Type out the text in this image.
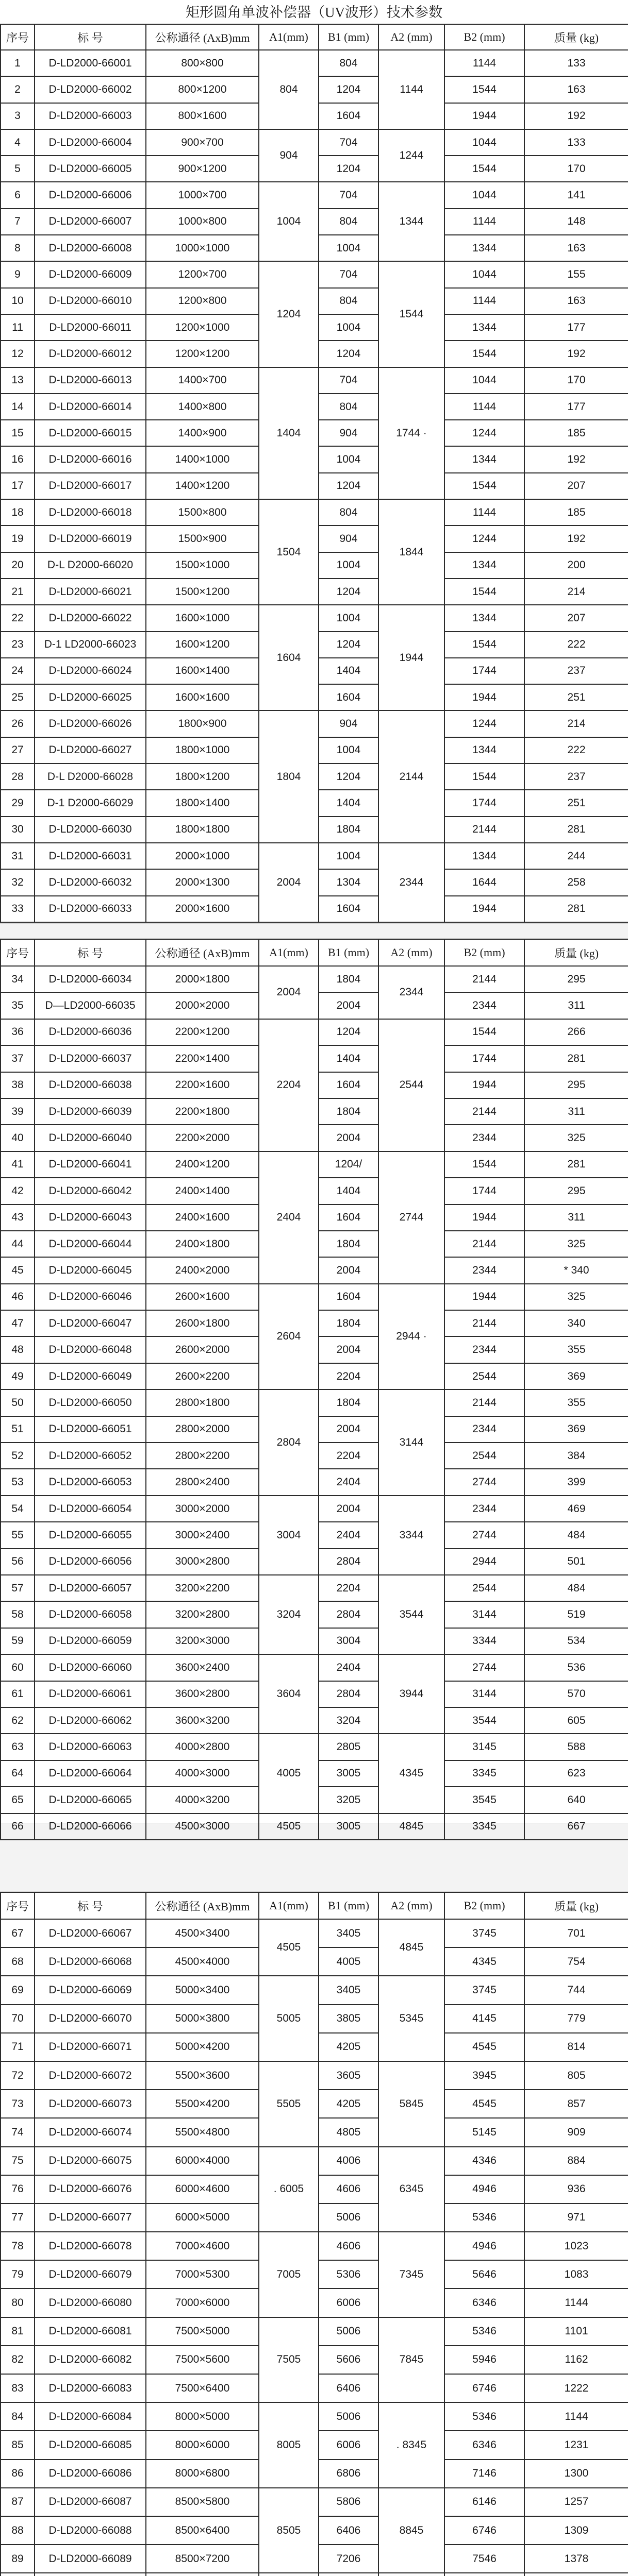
矩形圆角单波补偿器（UV波形）技术参数
序号	标 号	公称通径 (AxB)mm	A1(mm)	B1 (mm)	A2 (mm)	B2 (mm)	质量 (kg)
1	D-LD2000-66001	800×800	804	804	1144	1144	133
2	D-LD2000-66002	800×1200		1204		1544	163
3	D-LD2000-66003	800×1600		1604		1944	192
4	D-LD2000-66004	900×700	904	704	1244	1044	133
5	D-LD2000-66005	900×1200		1204		1544	170
6	D-LD2000-66006	1000×700	1004	704	1344	1044	141
7	D-LD2000-66007	1000×800		804		1144	148
8	D-LD2000-66008	1000×1000		1004		1344	163
9	D-LD2000-66009	1200×700	1204	704	1544	1044	155
10	D-LD2000-66010	1200×800		804		1144	163
11	D-LD2000-66011	1200×1000		1004		1344	177
12	D-LD2000-66012	1200×1200		1204		1544	192
13	D-LD2000-66013	1400×700	1404	704	1744 ·	1044	170
14	D-LD2000-66014	1400×800		804		1144	177
15	D-LD2000-66015	1400×900		904		1244	185
16	D-LD2000-66016	1400×1000		1004		1344	192
17	D-LD2000-66017	1400×1200		1204		1544	207
18	D-LD2000-66018	1500×800	1504	804	1844	1144	185
19	D-LD2000-66019	1500×900		904		1244	192
20	D-L D2000-66020	1500×1000		1004		1344	200
21	D-LD2000-66021	1500×1200		1204		1544	214
22	D-LD2000-66022	1600×1000	1604	1004	1944	1344	207
23	D-1 LD2000-66023	1600×1200		1204		1544	222
24	D-LD2000-66024	1600×1400		1404		1744	237
25	D-LD2000-66025	1600×1600		1604		1944	251
26	D-LD2000-66026	1800×900	1804	904	2144	1244	214
27	D-LD2000-66027	1800×1000		1004		1344	222
28	D-L D2000-66028	1800×1200		1204		1544	237
29	D-1 D2000-66029	1800×1400		1404		1744	251
30	D-LD2000-66030	1800×1800		1804		2144	281
31	D-LD2000-66031	2000×1000	2004	1004	2344	1344	244
32	D-LD2000-66032	2000×1300		1304		1644	258
33	D-LD2000-66033	2000×1600		1604		1944	281
序号	标 号	公称通径 (AxB)mm	A1(mm)	B1 (mm)	A2 (mm)	B2 (mm)	质量 (kg)
34	D-LD2000-66034	2000×1800	2004	1804	2344	2144	295
35	D—LD2000-66035	2000×2000		2004		2344	311
36	D-LD2000-66036	2200×1200	2204	1204	2544	1544	266
37	D-LD2000-66037	2200×1400		1404		1744	281
38	D-LD2000-66038	2200×1600		1604		1944	295
39	D-LD2000-66039	2200×1800		1804		2144	311
40	D-LD2000-66040	2200×2000		2004		2344	325
41	D-LD2000-66041	2400×1200	2404	1204/	2744	1544	281
42	D-LD2000-66042	2400×1400		1404		1744	295
43	D-LD2000-66043	2400×1600		1604		1944	311
44	D-LD2000-66044	2400×1800		1804		2144	325
45	D-LD2000-66045	2400×2000		2004		2344	* 340
46	D-LD2000-66046	2600×1600	2604	1604	2944 ·	1944	325
47	D-LD2000-66047	2600×1800		1804		2144	340
48	D-LD2000-66048	2600×2000		2004		2344	355
49	D-LD2000-66049	2600×2200		2204		2544	369
50	D-LD2000-66050	2800×1800	2804	1804	3144	2144	355
51	D-LD2000-66051	2800×2000		2004		2344	369
52	D-LD2000-66052	2800×2200		2204		2544	384
53	D-LD2000-66053	2800×2400		2404		2744	399
54	D-LD2000-66054	3000×2000	3004	2004	3344	2344	469
55	D-LD2000-66055	3000×2400		2404		2744	484
56	D-LD2000-66056	3000×2800		2804		2944	501
57	D-LD2000-66057	3200×2200	3204	2204	3544	2544	484
58	D-LD2000-66058	3200×2800		2804		3144	519
59	D-LD2000-66059	3200×3000		3004		3344	534
60	D-LD2000-66060	3600×2400	3604	2404	3944	2744	536
61	D-LD2000-66061	3600×2800		2804		3144	570
62	D-LD2000-66062	3600×3200		3204		3544	605
63	D-LD2000-66063	4000×2800	4005	2805	4345	3145	588
64	D-LD2000-66064	4000×3000		3005		3345	623
65	D-LD2000-66065	4000×3200		3205		3545	640
66	D-LD2000-66066	4500×3000	4505	3005	4845	3345	667
序号	标 号	公称通径 (AxB)mm	A1(mm)	B1 (mm)	A2 (mm)	B2 (mm)	质量 (kg)
67	D-LD2000-66067	4500×3400	4505	3405	4845	3745	701
68	D-LD2000-66068	4500×4000		4005		4345	754
69	D-LD2000-66069	5000×3400	5005	3405	5345	3745	744
70	D-LD2000-66070	5000×3800		3805		4145	779
71	D-LD2000-66071	5000×4200		4205		4545	814
72	D-LD2000-66072	5500×3600	5505	3605	5845	3945	805
73	D-LD2000-66073	5500×4200		4205		4545	857
74	D-LD2000-66074	5500×4800		4805		5145	909
75	D-LD2000-66075	6000×4000	. 6005	4006	6345	4346	884
76	D-LD2000-66076	6000×4600		4606		4946	936
77	D-LD2000-66077	6000×5000		5006		5346	971
78	D-LD2000-66078	7000×4600	7005	4606	7345	4946	1023
79	D-LD2000-66079	7000×5300		5306		5646	1083
80	D-LD2000-66080	7000×6000		6006		6346	1144
81	D-LD2000-66081	7500×5000	7505	5006	7845	5346	1101
82	D-LD2000-66082	7500×5600		5606		5946	1162
83	D-LD2000-66083	7500×6400		6406		6746	1222
84	D-LD2000-66084	8000×5000	8005	5006	. 8345	5346	1144
85	D-LD2000-66085	8000×6000		6006		6346	1231
86	D-LD2000-66086	8000×6800		6806		7146	1300
87	D-LD2000-66087	8500×5800	8505	5806	8845	6146	1257
88	D-LD2000-66088	8500×6400		6406		6746	1309
89	D-LD2000-66089	8500×7200		7206		7546	1378
